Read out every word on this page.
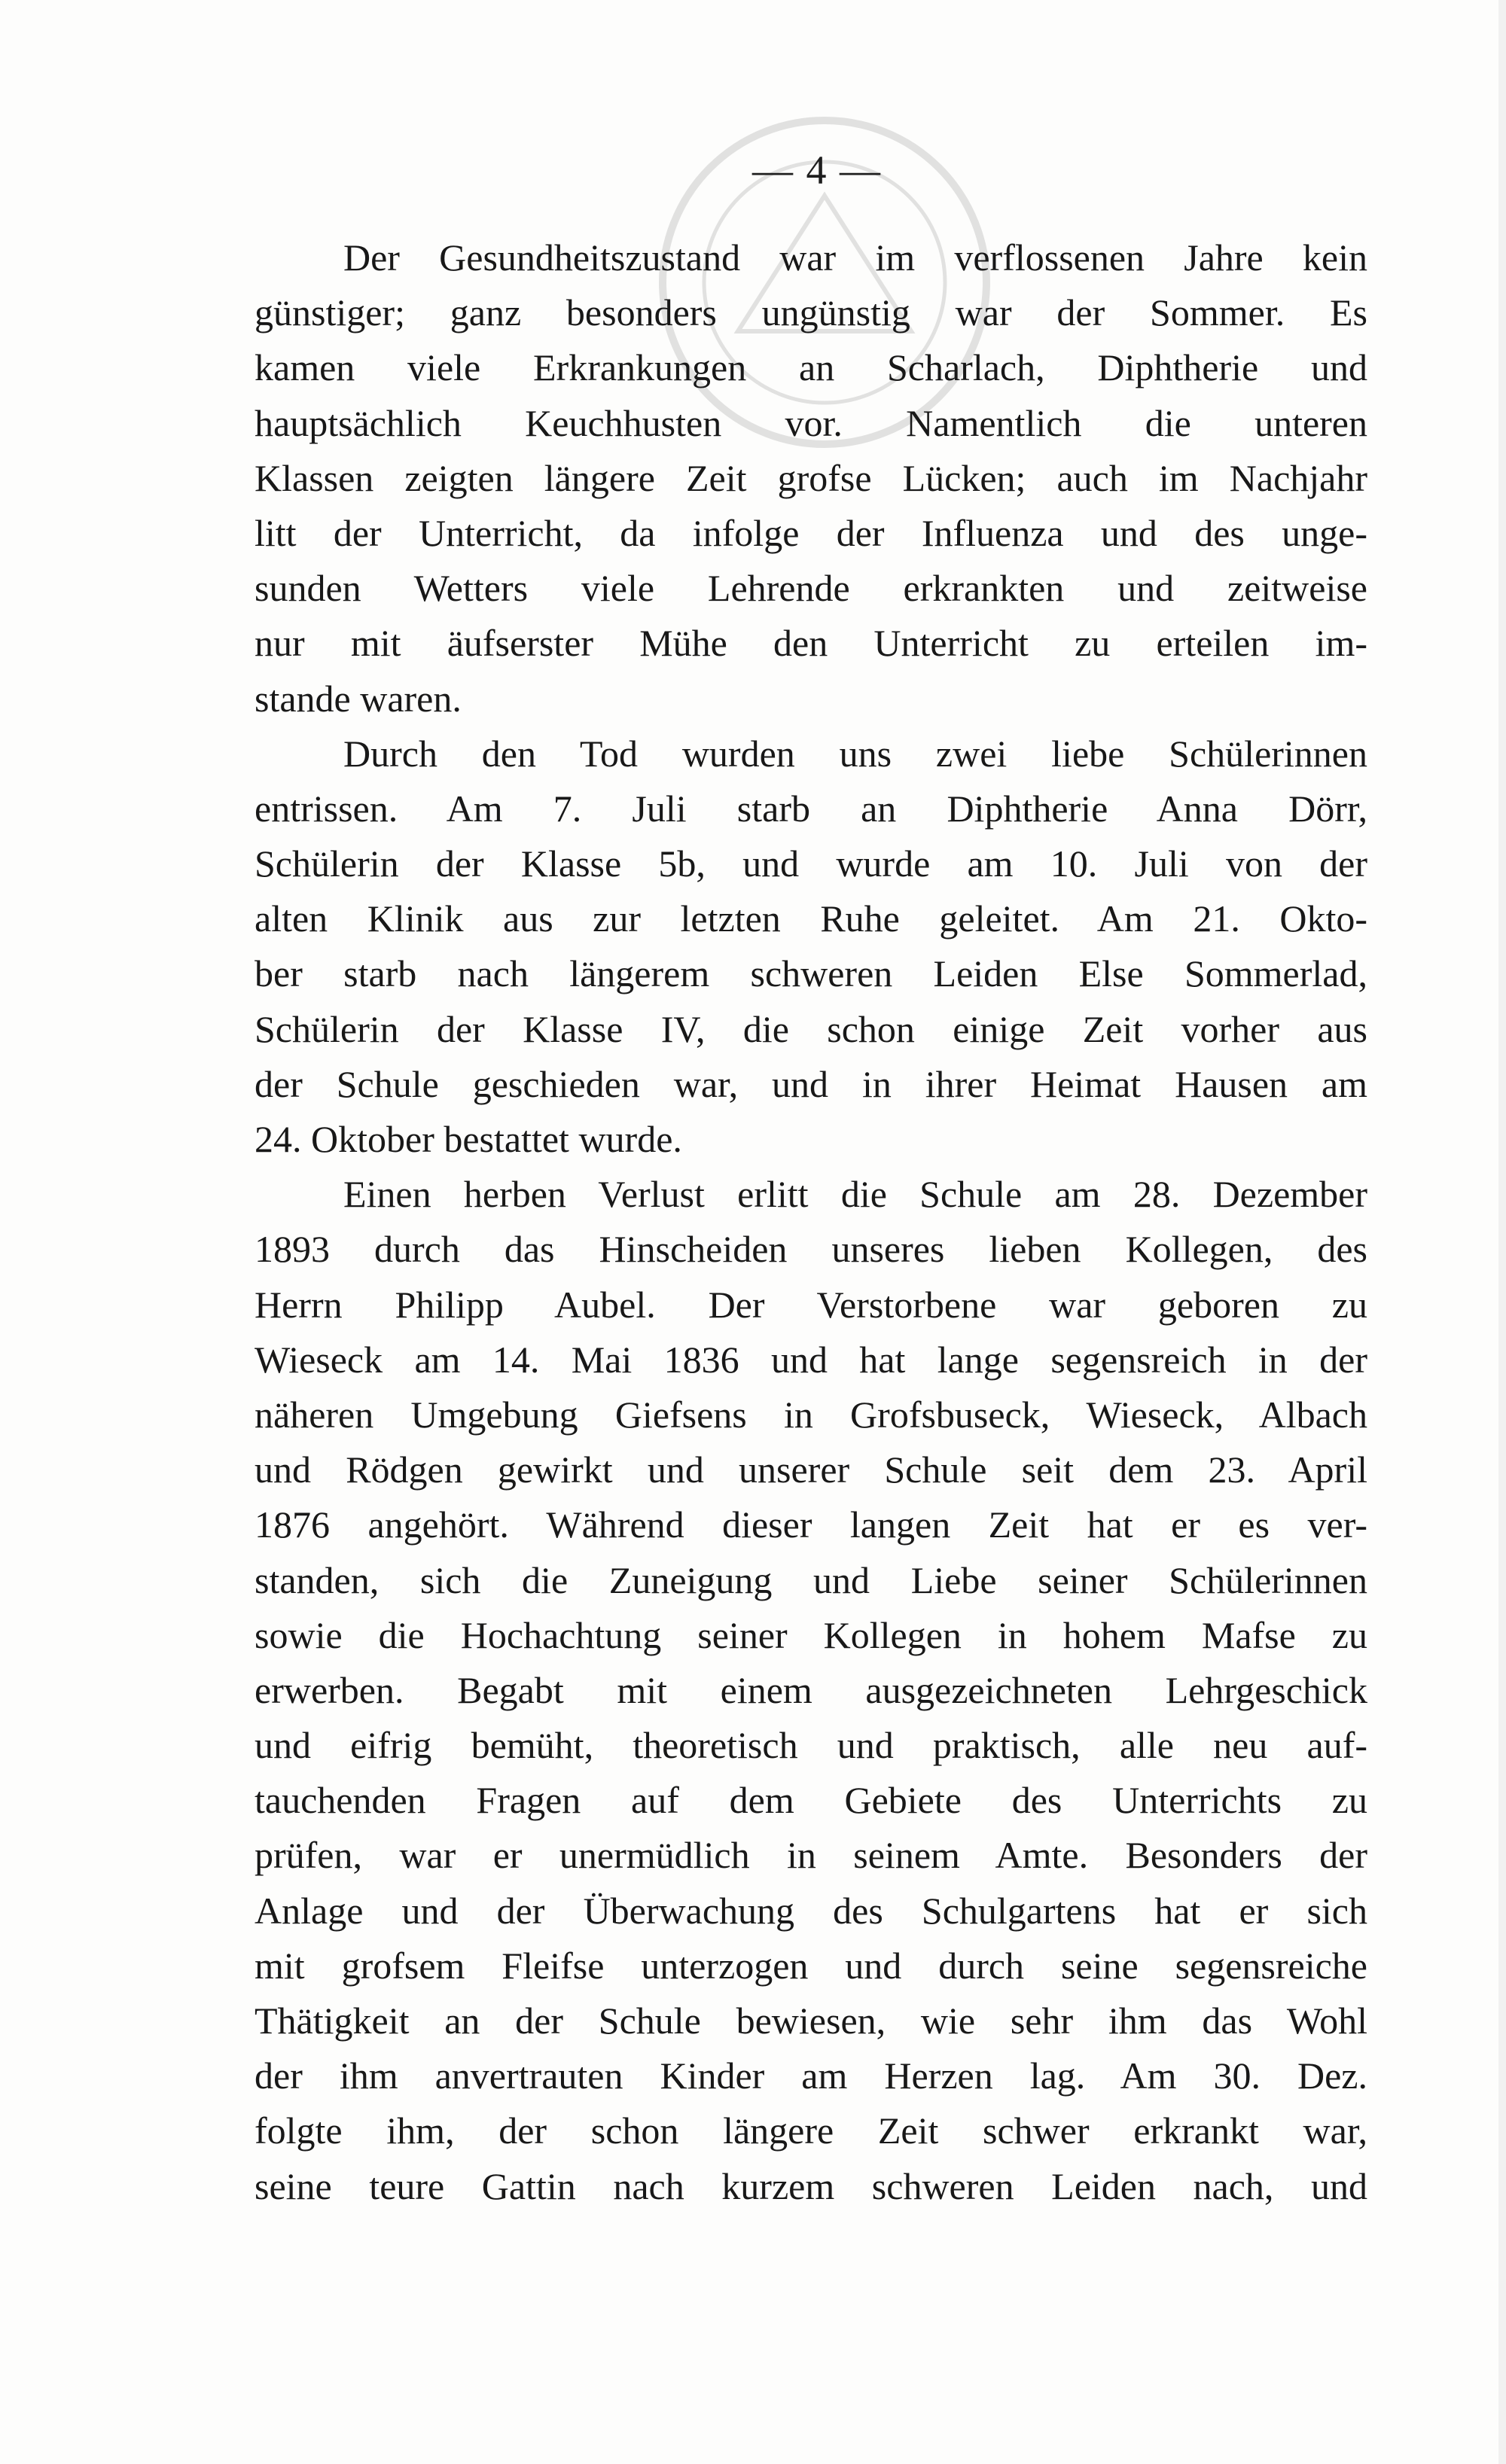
— 4 —
Der Gesundheitszustand war im verflossenen Jahre kein
günstiger; ganz besonders ungünstig war der Sommer. Es
kamen viele Erkrankungen an Scharlach, Diphtherie und
hauptsächlich Keuchhusten vor. Namentlich die unteren
Klassen zeigten längere Zeit grofse Lücken; auch im Nachjahr
litt der Unterricht, da infolge der Influenza und des unge-
sunden Wetters viele Lehrende erkrankten und zeitweise
nur mit äufserster Mühe den Unterricht zu erteilen im-
stande waren.
Durch den Tod wurden uns zwei liebe Schülerinnen
entrissen. Am 7. Juli starb an Diphtherie Anna Dörr,
Schülerin der Klasse 5b, und wurde am 10. Juli von der
alten Klinik aus zur letzten Ruhe geleitet. Am 21. Okto-
ber starb nach längerem schweren Leiden Else Sommerlad,
Schülerin der Klasse IV, die schon einige Zeit vorher aus
der Schule geschieden war, und in ihrer Heimat Hausen am
24. Oktober bestattet wurde.
Einen herben Verlust erlitt die Schule am 28. Dezember
1893 durch das Hinscheiden unseres lieben Kollegen, des
Herrn Philipp Aubel. Der Verstorbene war geboren zu
Wieseck am 14. Mai 1836 und hat lange segensreich in der
näheren Umgebung Giefsens in Grofsbuseck, Wieseck, Albach
und Rödgen gewirkt und unserer Schule seit dem 23. April
1876 angehört. Während dieser langen Zeit hat er es ver-
standen, sich die Zuneigung und Liebe seiner Schülerinnen
sowie die Hochachtung seiner Kollegen in hohem Mafse zu
erwerben. Begabt mit einem ausgezeichneten Lehrgeschick
und eifrig bemüht, theoretisch und praktisch, alle neu auf-
tauchenden Fragen auf dem Gebiete des Unterrichts zu
prüfen, war er unermüdlich in seinem Amte. Besonders der
Anlage und der Überwachung des Schulgartens hat er sich
mit grofsem Fleifse unterzogen und durch seine segensreiche
Thätigkeit an der Schule bewiesen, wie sehr ihm das Wohl
der ihm anvertrauten Kinder am Herzen lag. Am 30. Dez.
folgte ihm, der schon längere Zeit schwer erkrankt war,
seine teure Gattin nach kurzem schweren Leiden nach, und
